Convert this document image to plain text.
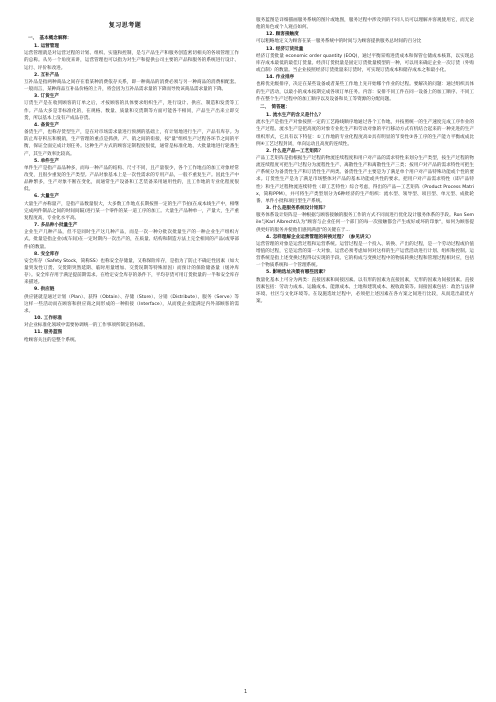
复习思考题
一、　基本概念解释：
1. 运营管理
运营管理就是对运营过程的计划、组织、实施和控制，是与产品生产和服务创造密切相关的各项管理工作的总称。从另一个角度来讲，运营管理也可以指为对生产和提供公司主要的产品和服务的系统进行设计、运行、评价和改进。
2. 互补产品
互补品是指两种商品之间存在着某种消费依存关系，即一种商品的消费必须与另一种商品的消费相配套。一般而言，某种商品互补品价格的上升，将会因为互补品需求量的下降而导致该商品需求量的下降。
3. 订货生产
订货生产是在收到顾客的订单之后，才按顾客的具体要求组织生产，进行设计、供应、制造和发货等工作。产品大多是非标准化的，在规格、数量、质量和交货期等方面可能各不相同，产品生产出来立即交货，所以基本上没有产成品存货。
4. 备货生产
备货生产，也称存货型生产，是在对市场需求量进行预测的基础上，有计划地进行生产，产品有库存。为防止库存积压和脱销，生产管理的重点是抓供、产、销之间的衔接，按"量"组织生产过程各环节之间的平衡，保证全面完成计划任务。这种生产方式的顾客定制程度很低，通常是标准化地、大批量地进行轮番生产，其生产效率比较高。
5. 单件生产
单件生产是指产品品种多，而每一种产品的结构、尺寸不同，且产量很少，各个工作地点的加工对象经常改变，且很少重复的生产类型。产品对象基本上是一次性需求的专用产品，一般不重复生产。因此生产中品种繁多，生产对象不断在变化，而通常生产设备和工艺装备采用通用性的，且工作地的专业化程度很低。
6. 大量生产
大量生产亦称量产，是指产品数量很大，大多数工作地点长期按照一定的生产节拍(在成本线生产中，相继完成两件制品之间的时间间隔)进行某一个零件的某一道工序的加工。大量生产品种单一，产量大，生产重复程度高，专业化水平高。
7. 多品种小批量生产
企业生产几种产品，但不是同时生产这几种产品，而是一次一种分批次批量生产的一种企业生产组织方式。批量是指企业(或车间)在一定时期内一次出产的，在质量、结构和制造方法上完全相同的产品(或零部件)的数量。
8. 安全库存
安全库存（Safety Stock，简称SS）也称安全存储量，又称保险库存，是指为了防止不确定性因素（如大量突发性订货、交货期突然延期、临时用量增加、交货误期等特殊原因）而预计的保险储备量（缓冲库存）。安全库存用于满足提前期需求。在给定安全库存的条件下，平均存货可用订货批量的一半和安全库存来描述。
9. 供应链
供应链就是通过计划（Plan）、获得（Obtain）、存储（Store）、分销（Distribute）、服务（Serve）等这样一些活动而在顾客和供应商之间形成的一种衔接（Interface），从而使企业能满足内外部顾客的需求。
10. 工作标准
对企业标准化领域中需要协调统一的工作事项所制定的标准。
11. 服务蓝图
给顾客关注的是整个系统。
服务蓝图是详细描画服务系统的图片或地图，服务过程中涉及到的不同人员可以理解并客观使用它，而无论他的角色或个人观点如何。
12. 顾客接触度
可以粗略地定义为顾客在某一服务系统中的时间与为顾客提供服务总时间的百分比
13. 经济订货批量
经济订货批量 economic order quantity (EOQ)，通过平衡采购进货成本和保管仓储成本核算，以实现总库存成本最低的最佳订货量。经济订货批量是固定订货批量模型的一种，可以用来确定企业一次订货（外购或自制）的数量。当企业按照经济订货批量来订货时，可实现订货成本和储存成本之和最小化。
14. 作业排序
也称优先级排序，决定在某些设备或者某些工作地上先开始哪个作业的过程。要解决的问题：通过组织具体的生产活动，以最小的成本按期完成各项订单任务。内容：安排不同工件在同一设备上的加工顺序、不同工件在整个生产过程中的加工顺序以及设备和员工等资源的分配问题。
二、　简答题：
1. 流水生产的含义是什么？
流水生产是指生产对象按照一定的工艺路线顺序地通过各个工作地，并按照统一的生产速度完成工序作业的生产过程。流水生产是把高度的对象专业化生产和劳动对象的平行移动方式有机结合起来的一种先进的生产组织形式，它具有以下特征：①工作地的专业化程度高②具有明显的节奏性③各工序的生产能力平衡或成比例④工艺过程封闭，单向运动且高度的连续性。
2. 什么是产品—工艺矩阵？
产品工艺矩阵是指根据生产过程的物流连续程度和用户对产品的需求特性来划分生产类型，按生产过程的物流连续程度可把生产过程分为流程性生产、离散性生产和离散性生产三类；按用户对产品的需求特性可把生产系统分为备货性生产和订货性生产两类。备货性生产主要是为了满足单个用户对产品特殊功能或个性的要求。订货性生产是为了满足市场整体对产品的基本功能或共性的要求。把用户对产品需求特性（即产品特性）和生产过程物流连续特性（即工艺特性）综合考虑，得出的产品—工艺矩阵（Product Process Matrix，简称PPM），并可将生产类型划分为6种经济的生产组织：流水型、领导型、项目型、单元型、成批轮番、单件小批和项目型生产系统。
3. 什么是服务系统设计矩阵？
服务体系设计矩阵是一种根据与顾客接触的服务工作的方式不同而进行优化设计服务体系的手段。Ron Semile与Karl Albrecht认为"顾客与企业任何一个部门的每一次接触都会产生或好或坏的印象"，如何为顾客提供更好的服务并使他们感到满意"的关键在于...
4. 怎样理解企业运营管理的转换过程？（参见讲义）
运营管理的对象是运营过程和运营系统。运营过程是一个投入、转换、产出的过程，是一个劳动过程或价值增值的过程，它是运营的第一大对象，运营必须考虑如何对这样的生产运营活动进行计划、组织和控制。运营系统是指上述变换过程得以实现的手段。它的构成与变换过程中的物质转换过程和管理过程相对应，包括一个物质系统和一个管理系统。
5. 影响选址决策有哪些因素？
数量化基本上可分为两类：直接因素和间接因素。以有形的因素为直接因素，无形的因素为间接因素。直接因素包括：劳动力成本、运输成本、能源成本、土地和建筑成本、税收政策等。间接因素包括：政治与法律环境、社区与文化环境等。在设施选址过程中，必须把上述因素在各方案之间进行比较，从而选出最优方案。
1
